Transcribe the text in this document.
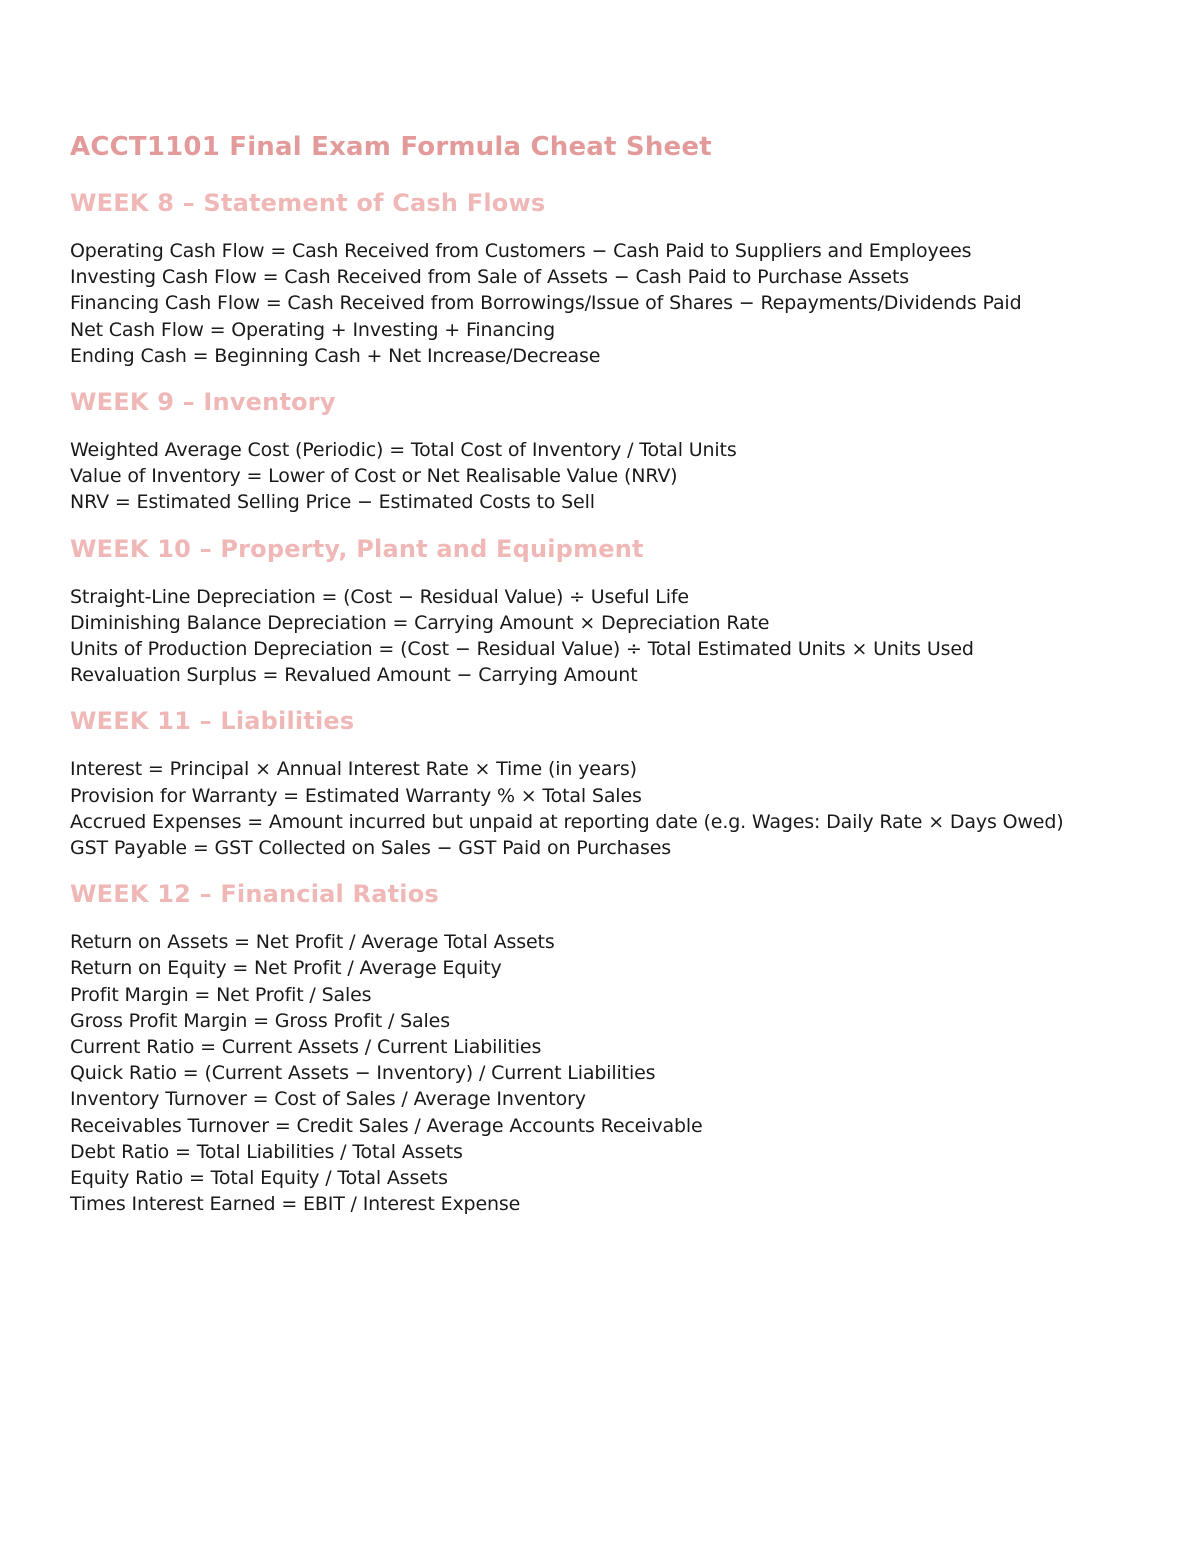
ACCT1101 Final Exam Formula Cheat Sheet
WEEK 8 – Statement of Cash Flows
Operating Cash Flow = Cash Received from Customers − Cash Paid to Suppliers and Employees
Investing Cash Flow = Cash Received from Sale of Assets − Cash Paid to Purchase Assets
Financing Cash Flow = Cash Received from Borrowings/Issue of Shares − Repayments/Dividends Paid
Net Cash Flow = Operating + Investing + Financing
Ending Cash = Beginning Cash + Net Increase/Decrease
WEEK 9 – Inventory
Weighted Average Cost (Periodic) = Total Cost of Inventory / Total Units
Value of Inventory = Lower of Cost or Net Realisable Value (NRV)
NRV = Estimated Selling Price − Estimated Costs to Sell
WEEK 10 – Property, Plant and Equipment
Straight-Line Depreciation = (Cost − Residual Value) ÷ Useful Life
Diminishing Balance Depreciation = Carrying Amount × Depreciation Rate
Units of Production Depreciation = (Cost − Residual Value) ÷ Total Estimated Units × Units Used
Revaluation Surplus = Revalued Amount − Carrying Amount
WEEK 11 – Liabilities
Interest = Principal × Annual Interest Rate × Time (in years)
Provision for Warranty = Estimated Warranty % × Total Sales
Accrued Expenses = Amount incurred but unpaid at reporting date (e.g. Wages: Daily Rate × Days Owed)
GST Payable = GST Collected on Sales − GST Paid on Purchases
WEEK 12 – Financial Ratios
Return on Assets = Net Profit / Average Total Assets
Return on Equity = Net Profit / Average Equity
Profit Margin = Net Profit / Sales
Gross Profit Margin = Gross Profit / Sales
Current Ratio = Current Assets / Current Liabilities
Quick Ratio = (Current Assets − Inventory) / Current Liabilities
Inventory Turnover = Cost of Sales / Average Inventory
Receivables Turnover = Credit Sales / Average Accounts Receivable
Debt Ratio = Total Liabilities / Total Assets
Equity Ratio = Total Equity / Total Assets
Times Interest Earned = EBIT / Interest Expense
